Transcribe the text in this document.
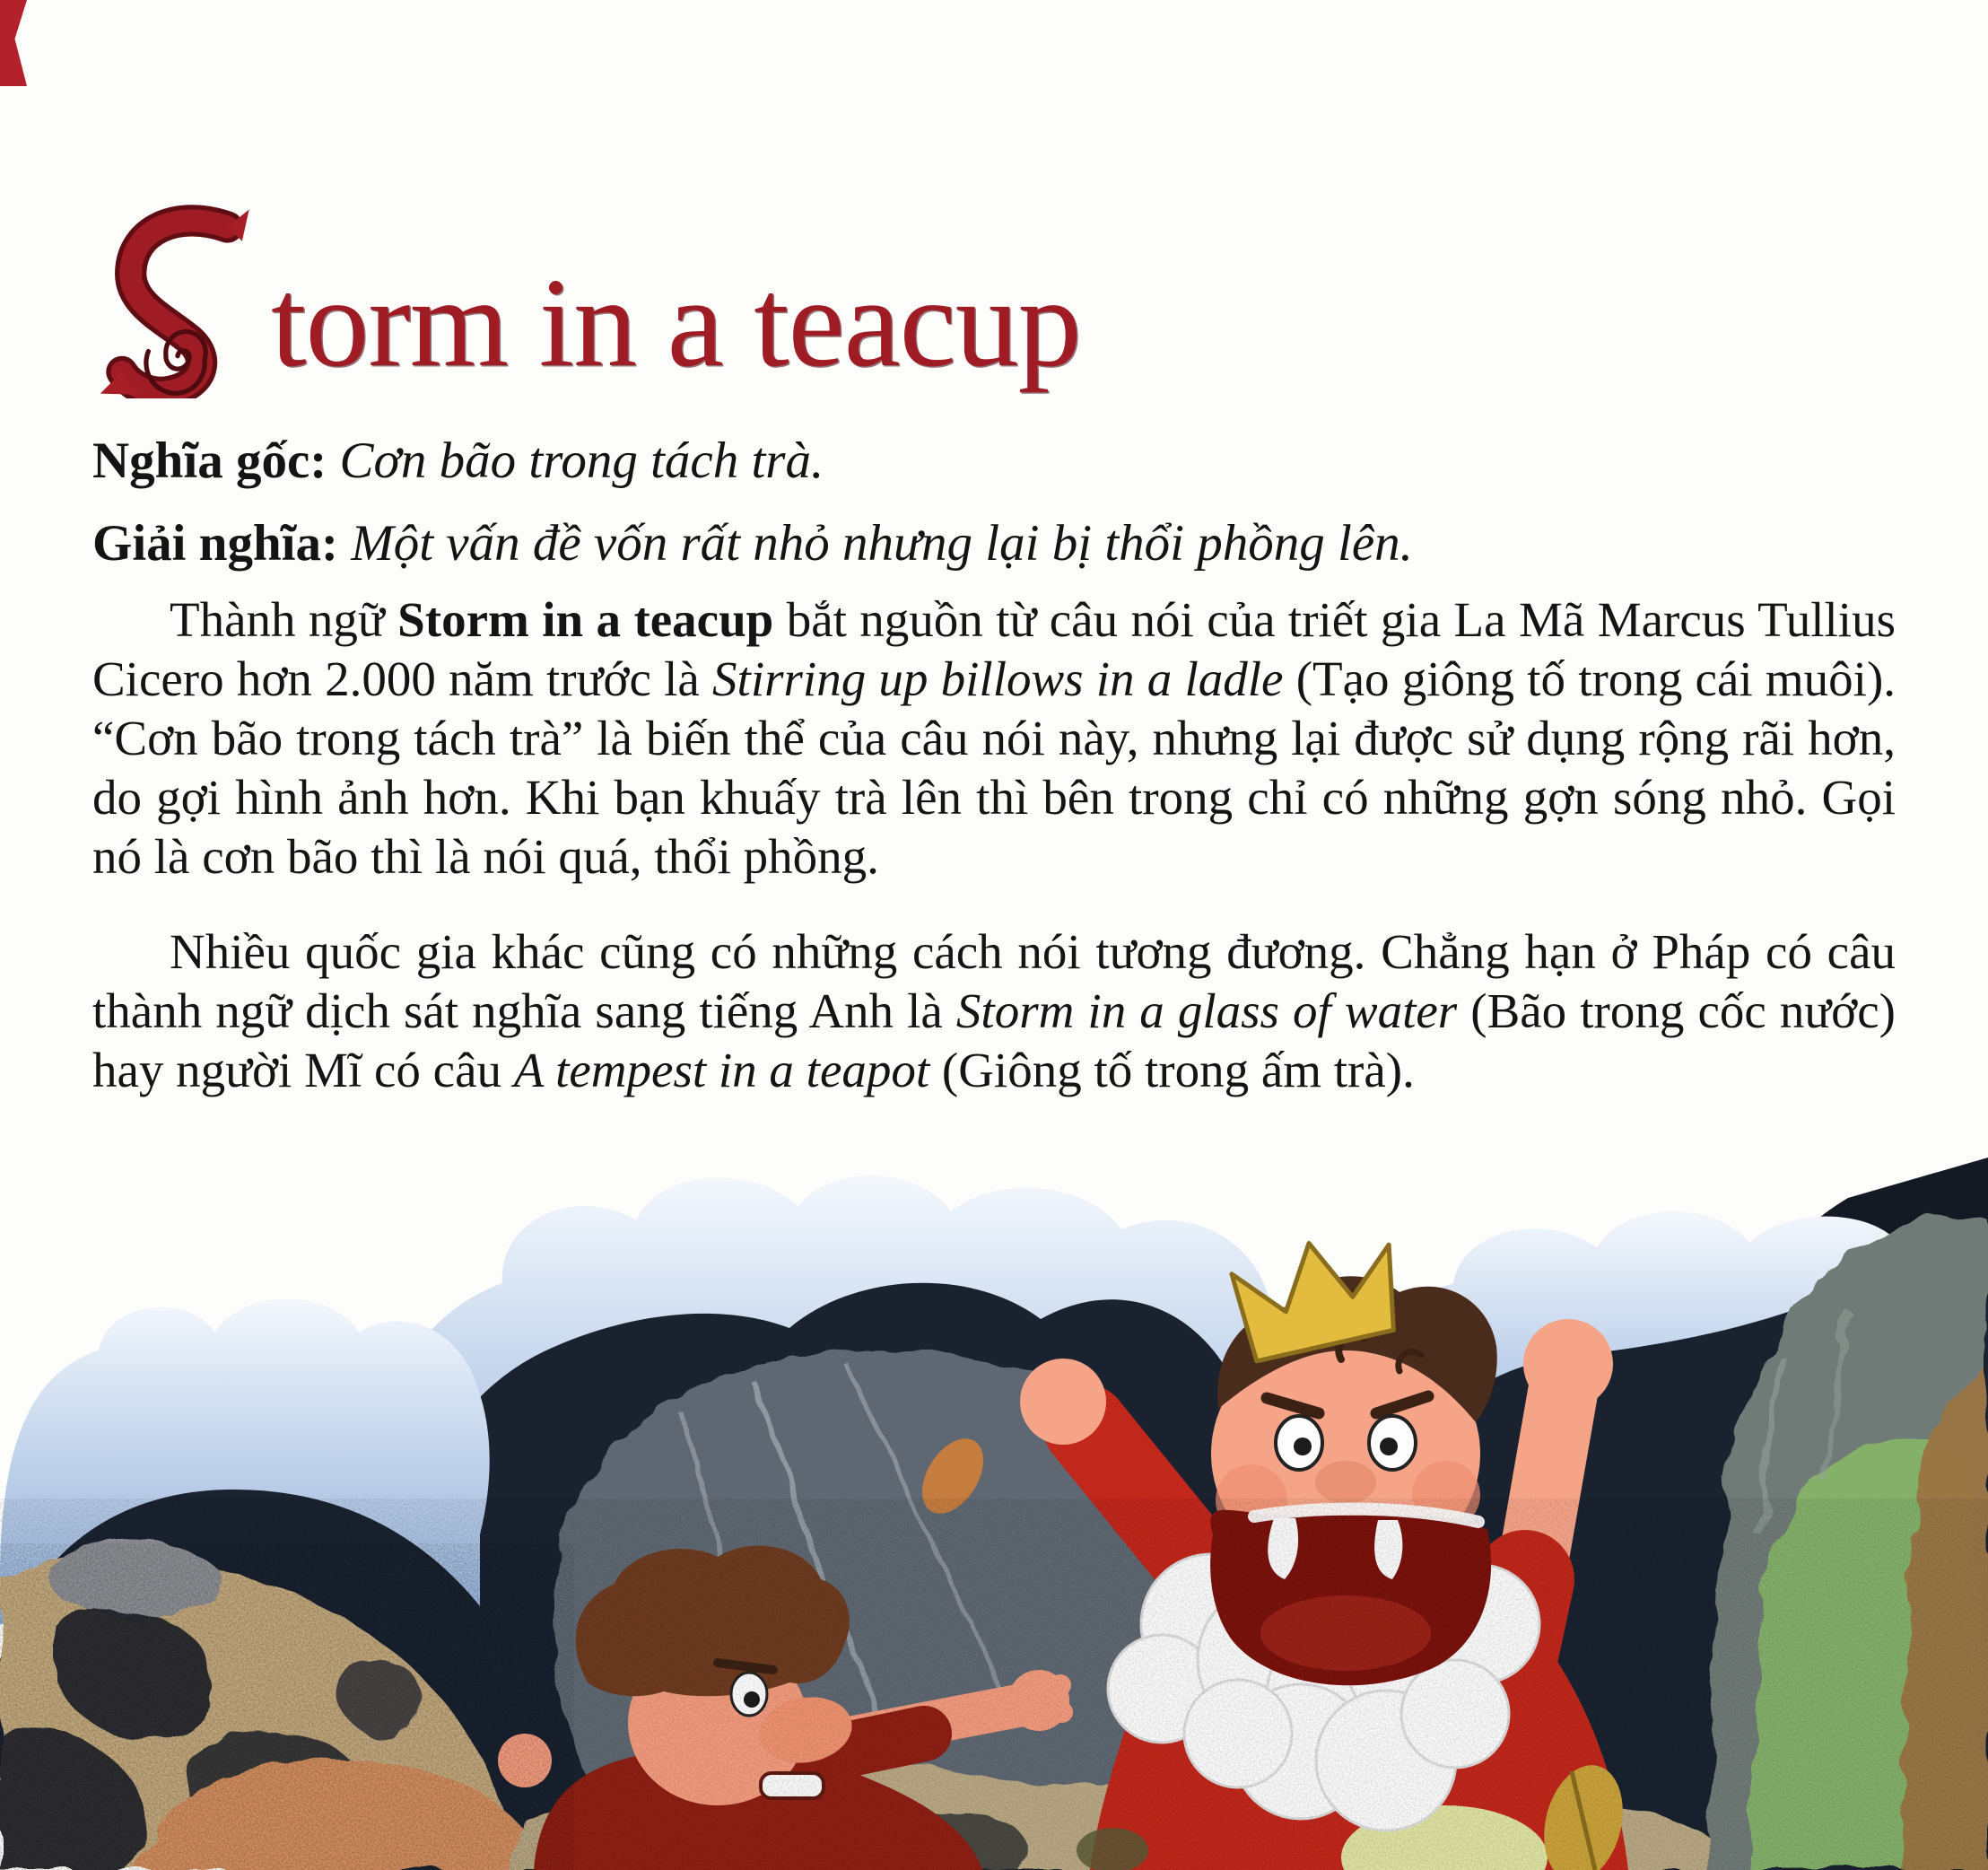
torm in a teacup
Nghĩa gốc: Cơn bão trong tách trà.
Giải nghĩa: Một vấn đề vốn rất nhỏ nhưng lại bị thổi phồng lên.

Thành ngữ Storm in a teacup bắt nguồn từ câu nói của triết gia La Mã Marcus Tullius Cicero hơn 2.000 năm trước là Stirring up billows in a ladle (Tạo giông tố trong cái muôi). “Cơn bão trong tách trà” là biến thể của câu nói này, nhưng lại được sử dụng rộng rãi hơn, do gợi hình ảnh hơn. Khi bạn khuấy trà lên thì bên trong chỉ có những gợn sóng nhỏ. Gọi nó là cơn bão thì là nói quá, thổi phồng.

Nhiều quốc gia khác cũng có những cách nói tương đương. Chẳng hạn ở Pháp có câu thành ngữ dịch sát nghĩa sang tiếng Anh là Storm in a glass of water (Bão trong cốc nước) hay người Mĩ có câu A tempest in a teapot (Giông tố trong ấm trà).
